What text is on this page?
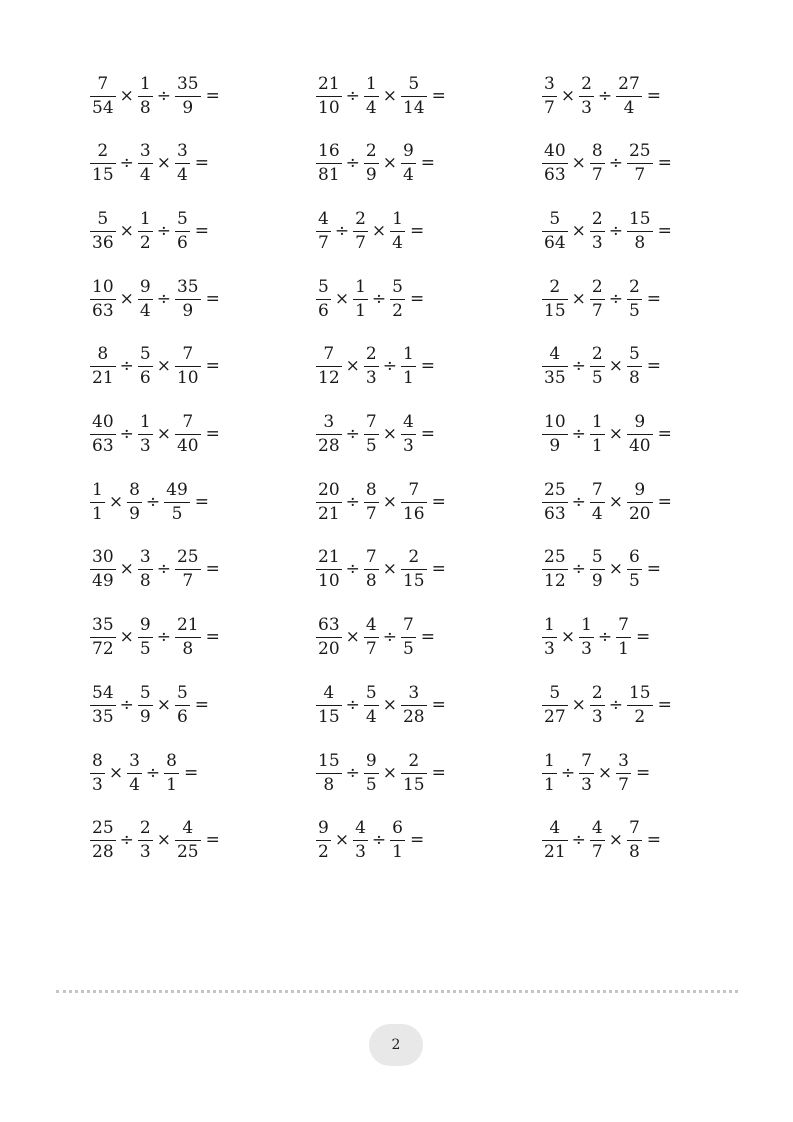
$\frac{7}{54} \times \frac{1}{8} \div \frac{35}{9}$ =	$\frac{21}{10} \div \frac{1}{4} \times \frac{5}{14}$ =	$\frac{3}{7} \times \frac{2}{3} \div \frac{27}{4}$ =
$\frac{2}{15} \div \frac{3}{4} \times \frac{3}{4}$ =	$\frac{16}{81} \div \frac{2}{9} \times \frac{9}{4}$ =	$\frac{40}{63} \times \frac{8}{7} \div \frac{25}{7}$ =
$\frac{5}{36} \times \frac{1}{2} \div \frac{5}{6}$ =	$\frac{4}{7} \div \frac{2}{7} \times \frac{1}{4}$ =	$\frac{5}{64} \times \frac{2}{3} \div \frac{15}{8}$ =
$\frac{10}{63} \times \frac{9}{4} \div \frac{35}{9}$ =	$\frac{5}{6} \times \frac{1}{1} \div \frac{5}{2}$ =	$\frac{2}{15} \times \frac{2}{7} \div \frac{2}{5}$ =
$\frac{8}{21} \div \frac{5}{6} \times \frac{7}{10}$ =	$\frac{7}{12} \times \frac{2}{3} \div \frac{1}{1}$ =	$\frac{4}{35} \div \frac{2}{5} \times \frac{5}{8}$ =
$\frac{40}{63} \div \frac{1}{3} \times \frac{7}{40}$ =	$\frac{3}{28} \div \frac{7}{5} \times \frac{4}{3}$ =	$\frac{10}{9} \div \frac{1}{1} \times \frac{9}{40}$ =
$\frac{1}{1} \times \frac{8}{9} \div \frac{49}{5}$ =	$\frac{20}{21} \div \frac{8}{7} \times \frac{7}{16}$ =	$\frac{25}{63} \div \frac{7}{4} \times \frac{9}{20}$ =
$\frac{30}{49} \times \frac{3}{8} \div \frac{25}{7}$ =	$\frac{21}{10} \div \frac{7}{8} \times \frac{2}{15}$ =	$\frac{25}{12} \div \frac{5}{9} \times \frac{6}{5}$ =
$\frac{35}{72} \times \frac{9}{5} \div \frac{21}{8}$ =	$\frac{63}{20} \times \frac{4}{7} \div \frac{7}{5}$ =	$\frac{1}{3} \times \frac{1}{3} \div \frac{7}{1}$ =
$\frac{54}{35} \div \frac{5}{9} \times \frac{5}{6}$ =	$\frac{4}{15} \div \frac{5}{4} \times \frac{3}{28}$ =	$\frac{5}{27} \times \frac{2}{3} \div \frac{15}{2}$ =
$\frac{8}{3} \times \frac{3}{4} \div \frac{8}{1}$ =	$\frac{15}{8} \div \frac{9}{5} \times \frac{2}{15}$ =	$\frac{1}{1} \div \frac{7}{3} \times \frac{3}{7}$ =
$\frac{25}{28} \div \frac{2}{3} \times \frac{4}{25}$ =	$\frac{9}{2} \times \frac{4}{3} \div \frac{6}{1}$ =	$\frac{4}{21} \div \frac{4}{7} \times \frac{7}{8}$ =
2
